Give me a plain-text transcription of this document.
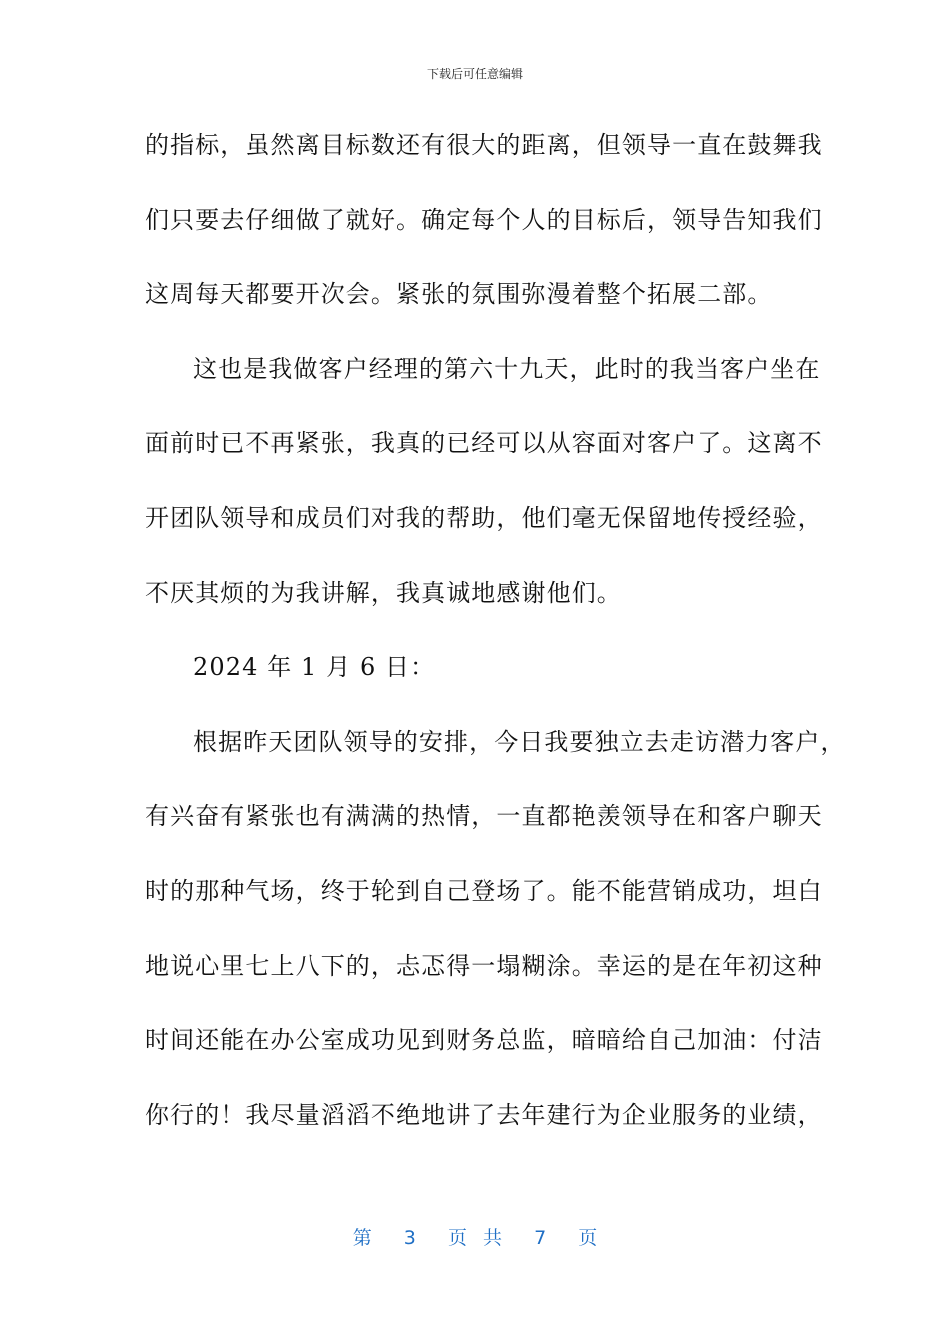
下载后可任意编辑
的指标，虽然离目标数还有很大的距离，但领导一直在鼓舞我
们只要去仔细做了就好。确定每个人的目标后，领导告知我们
这周每天都要开次会。紧张的氛围弥漫着整个拓展二部。
这也是我做客户经理的第六十九天，此时的我当客户坐在
面前时已不再紧张，我真的已经可以从容面对客户了。这离不
开团队领导和成员们对我的帮助，他们毫无保留地传授经验，
不厌其烦的为我讲解，我真诚地感谢他们。
2024 年 1 月 6 日：
根据昨天团队领导的安排，今日我要独立去走访潜力客户，
有兴奋有紧张也有满满的热情，一直都艳羡领导在和客户聊天
时的那种气场，终于轮到自己登场了。能不能营销成功，坦白
地说心里七上八下的，忐忑得一塌糊涂。幸运的是在年初这种
时间还能在办公室成功见到财务总监，暗暗给自己加油：付洁
你行的！我尽量滔滔不绝地讲了去年建行为企业服务的业绩，
第  3  页 共  7  页
